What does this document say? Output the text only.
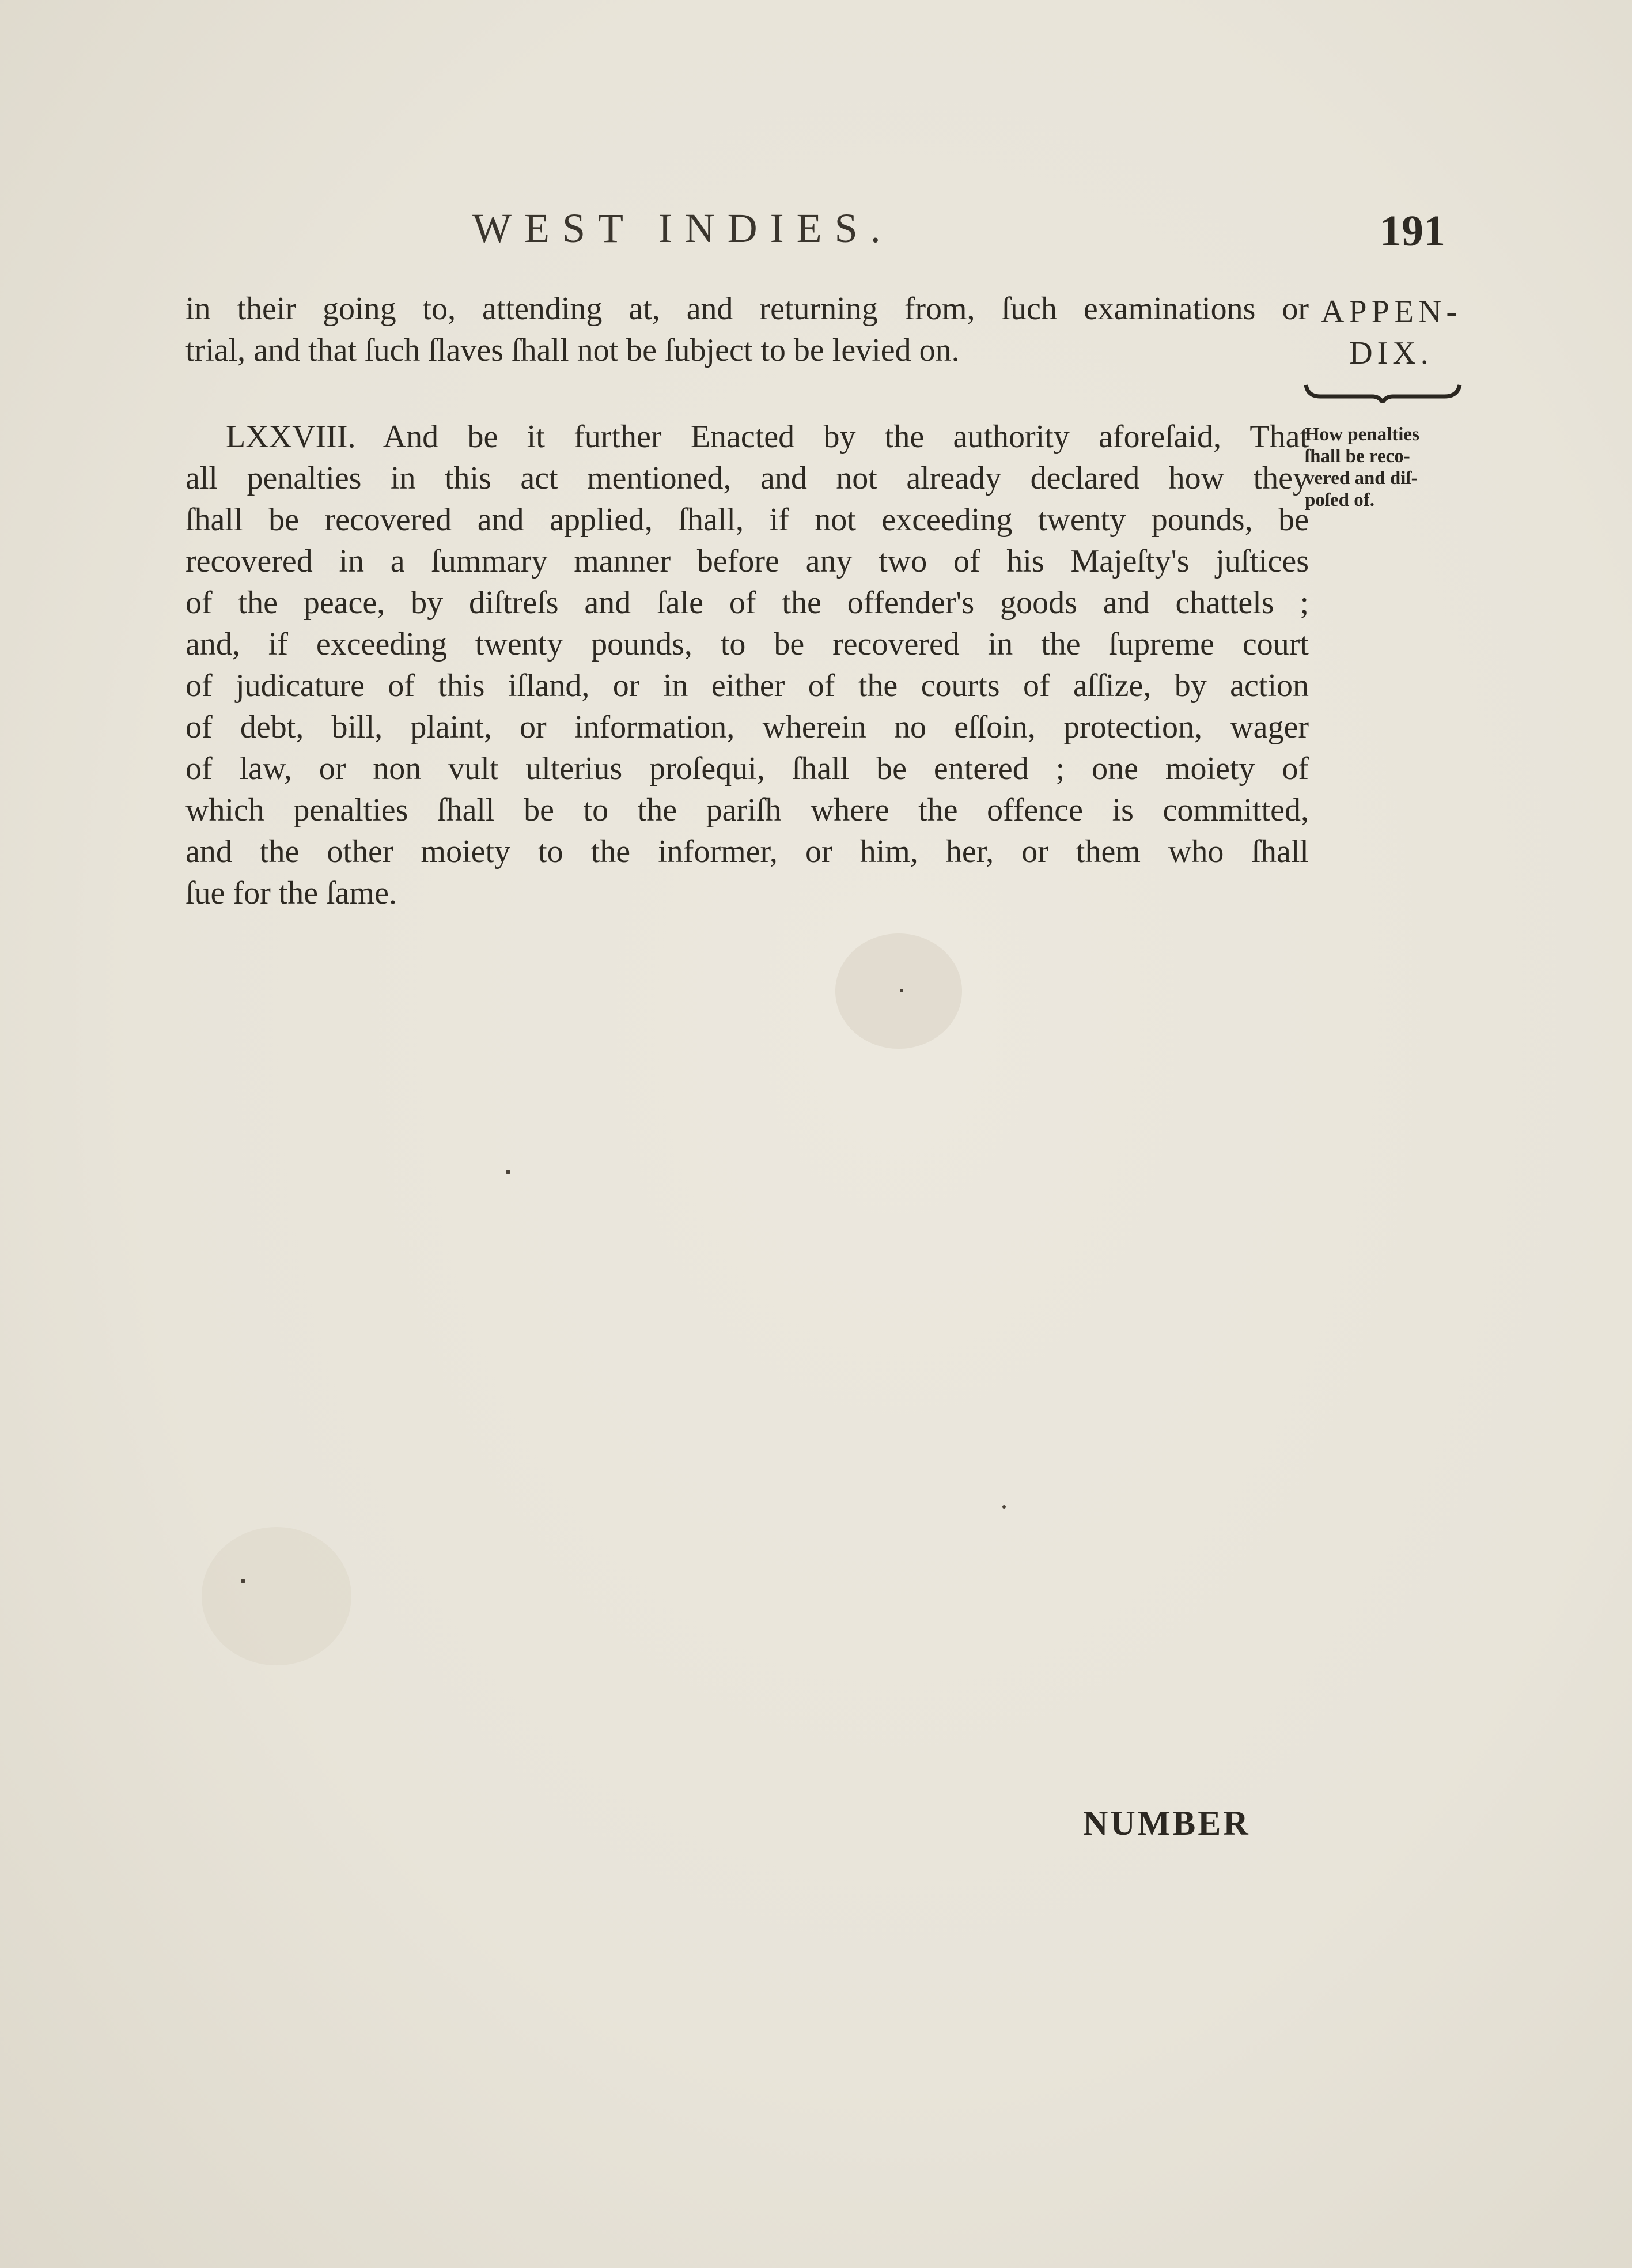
WEST INDIES.	191
in their going to, attending at, and returning from, ſuch examinations or
trial, and that ſuch ſlaves ſhall not be ſubject to be levied on.
LXXVIII. And be it further Enacted by the authority aforeſaid, That
all penalties in this act mentioned, and not already declared how they
ſhall be recovered and applied, ſhall, if not exceeding twenty pounds, be
recovered in a ſummary manner before any two of his Majeſty's juſtices
of the peace, by diſtreſs and ſale of the offender's goods and chattels ;
and, if exceeding twenty pounds, to be recovered in the ſupreme court
of judicature of this iſland, or in either of the courts of aſſize, by action
of debt, bill, plaint, or information, wherein no eſſoin, protection, wager
of law, or non vult ulterius proſequi, ſhall be entered ; one moiety of
which penalties ſhall be to the pariſh where the offence is committed,
and the other moiety to the informer, or him, her, or them who ſhall
ſue for the ſame.
APPEN-
DIX.
How penalties
ſhall be reco-
vered and diſ-
poſed of.
NUMBER
